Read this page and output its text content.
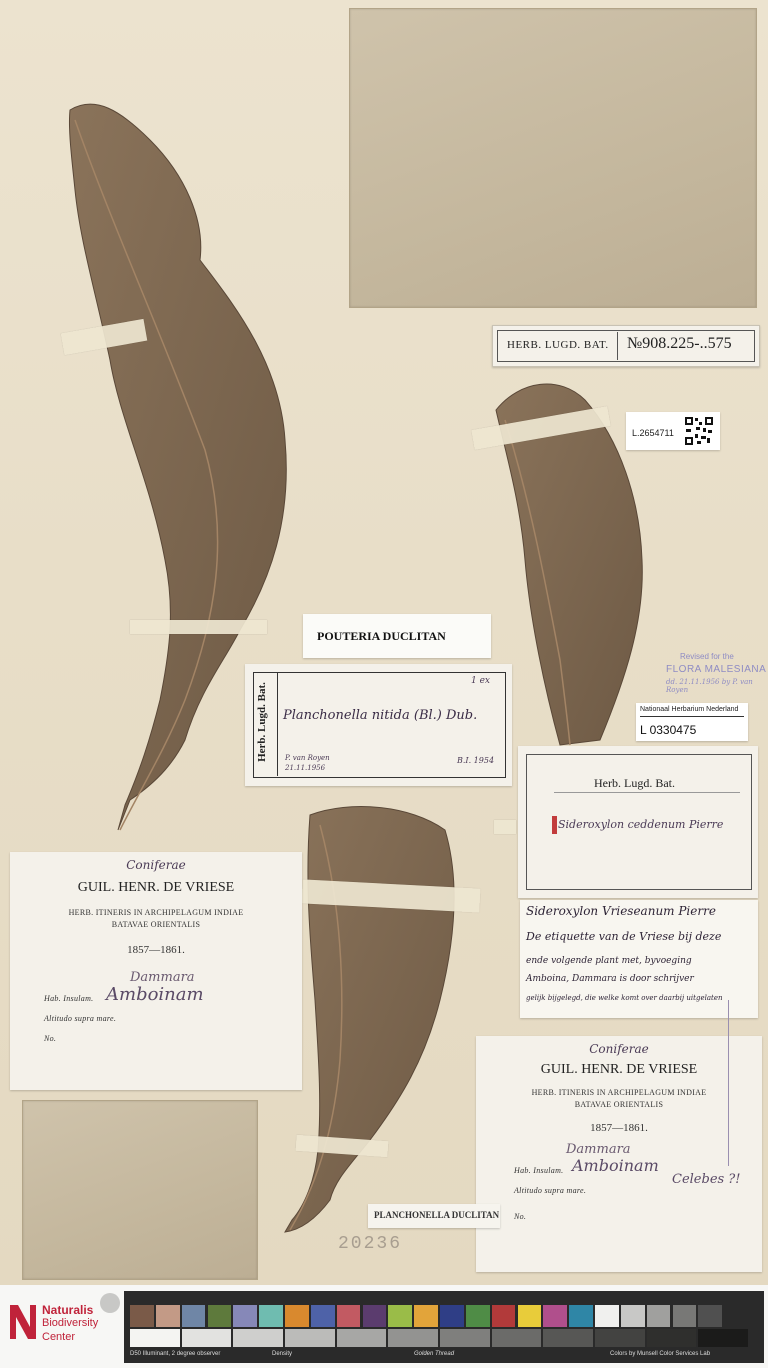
HERB. LUGD. BAT. №908.225-..575
L.2654711
POUTERIA DUCLITAN
Herb. Lugd. Bat. Planchonella nitida (Bl.) Dub.
1 ex
P. van Royen
21.11.1956
B.I. 1954
Revised for the
FLORA MALESIANA
dd. 21.11.1956 by P. van Royen
Nationaal Herbarium Nederland
L 0330475
Herb. Lugd. Bat.
Sideroxylon ceddenum Pierre
Sideroxylon Vrieseanum Pierre
De etiquette van de Vriese bij deze
ende volgende plant met, byvoeging
Amboina, Dammara is door schrijver
gelijk bijgelegd, die welke komt over daarbij uitgelaten
Coniferae
GUIL. HENR. DE VRIESE
HERB. ITINERIS IN ARCHIPELAGUM INDIAE
BATAVAE ORIENTALIS
1857—1861.
Dammara
Hab. Insulam. Amboinam
Altitudo supra mare.
No.
Coniferae
GUIL. HENR. DE VRIESE
HERB. ITINERIS IN ARCHIPELAGUM INDIAE
BATAVAE ORIENTALIS
1857—1861.
Dammara
Hab. Insulam. Amboinam
Altitudo supra mare.
No.
Celebes ?!
PLANCHONELLA DUCLITAN
20236
Naturalis
Biodiversity
Center
D50 Illuminant, 2 degree observer	Density	Golden Thread	Colors by Munsell Color Services Lab
